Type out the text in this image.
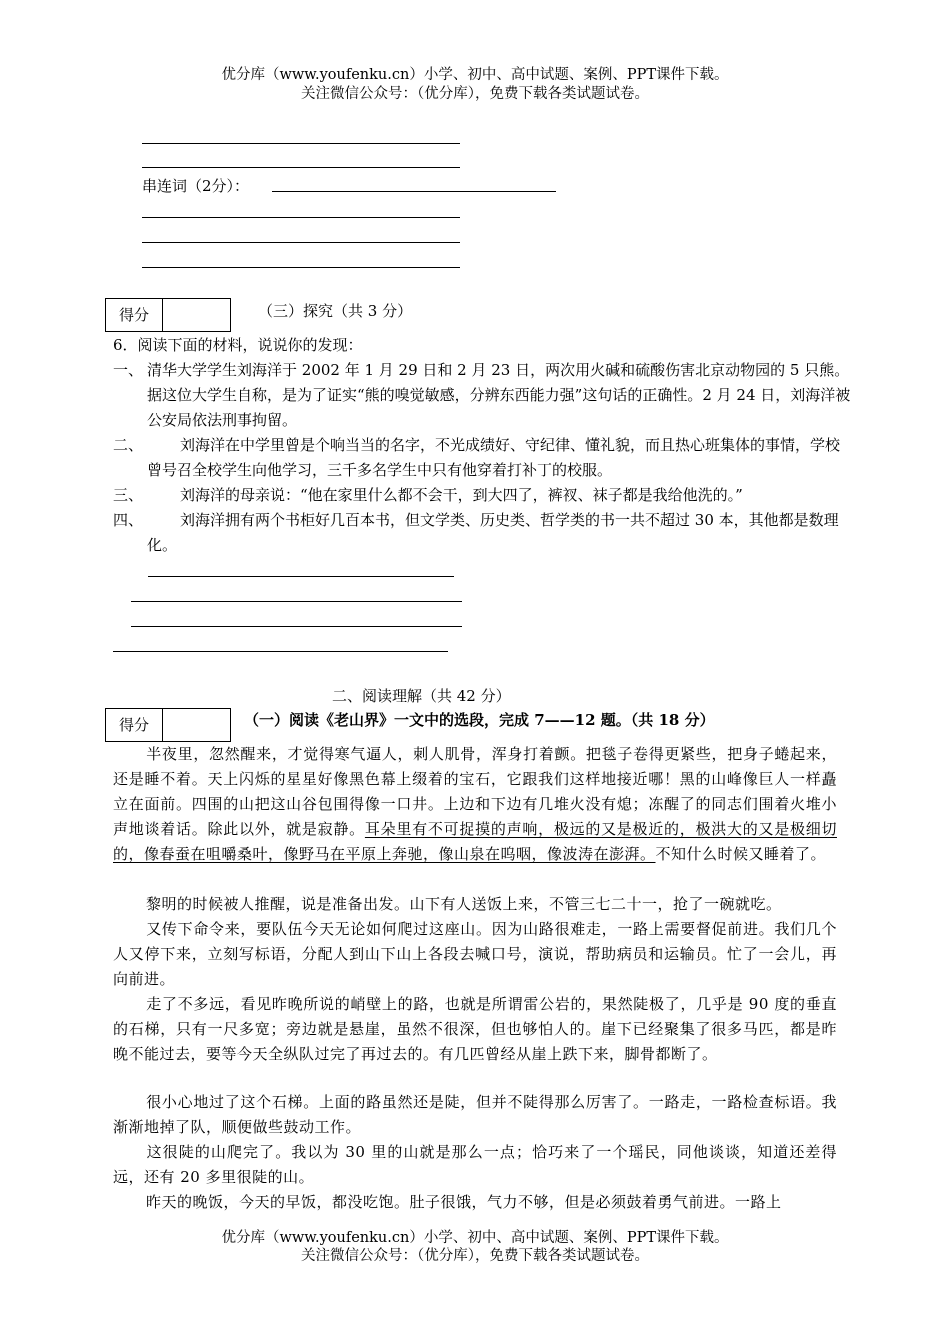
优分库（www.youfenku.cn）小学、初中、高中试题、案例、PPT课件下载。
关注微信公众号：（优分库），免费下载各类试题试卷。
串连词（2分）：
得分	（三）探究（共 3 分）
6．阅读下面的材料，说说你的发现：
一、 清华大学学生刘海洋于 2002 年 1 月 29 日和 2 月 23 日，两次用火碱和硫酸伤害北京动物园的 5 只熊。据这位大学生自称，是为了证实“熊的嗅觉敏感，分辨东西能力强”这句话的正确性。2 月 24 日，刘海洋被公安局依法刑事拘留。
二、	刘海洋在中学里曾是个响当当的名字，不光成绩好、守纪律、懂礼貌，而且热心班集体的事情，学校曾号召全校学生向他学习，三千多名学生中只有他穿着打补丁的校服。
三、	刘海洋的母亲说：“他在家里什么都不会干，到大四了，裤衩、袜子都是我给他洗的。”
四、	刘海洋拥有两个书柜好几百本书，但文学类、历史类、哲学类的书一共不超过 30 本，其他都是数理化。
二、阅读理解（共 42 分）
得分	（一）阅读《老山界》一文中的选段，完成 7——12 题。（共 18 分）
半夜里，忽然醒来，才觉得寒气逼人，刺人肌骨，浑身打着颤。把毯子卷得更紧些，把身子蜷起来，还是睡不着。天上闪烁的星星好像黑色幕上缀着的宝石，它跟我们这样地接近哪！黑的山峰像巨人一样矗立在面前。四围的山把这山谷包围得像一口井。上边和下边有几堆火没有熄；冻醒了的同志们围着火堆小声地谈着话。除此以外，就是寂静。耳朵里有不可捉摸的声响，极远的又是极近的，极洪大的又是极细切的，像春蚕在咀嚼桑叶，像野马在平原上奔驰，像山泉在呜咽，像波涛在澎湃。不知什么时候又睡着了。
黎明的时候被人推醒，说是准备出发。山下有人送饭上来，不管三七二十一，抢了一碗就吃。
又传下命令来，要队伍今天无论如何爬过这座山。因为山路很难走，一路上需要督促前进。我们几个人又停下来，立刻写标语，分配人到山下山上各段去喊口号，演说，帮助病员和运输员。忙了一会儿，再向前进。
走了不多远，看见昨晚所说的峭壁上的路，也就是所谓雷公岩的，果然陡极了，几乎是 90 度的垂直的石梯，只有一尺多宽；旁边就是悬崖，虽然不很深，但也够怕人的。崖下已经聚集了很多马匹，都是昨晚不能过去，要等今天全纵队过完了再过去的。有几匹曾经从崖上跌下来，脚骨都断了。
很小心地过了这个石梯。上面的路虽然还是陡，但并不陡得那么厉害了。一路走，一路检查标语。我渐渐地掉了队，顺便做些鼓动工作。
这很陡的山爬完了。我以为 30 里的山就是那么一点；恰巧来了一个瑶民，同他谈谈，知道还差得远，还有 20 多里很陡的山。
昨天的晚饭，今天的早饭，都没吃饱。肚子很饿，气力不够，但是必须鼓着勇气前进。一路上
优分库（www.youfenku.cn）小学、初中、高中试题、案例、PPT课件下载。
关注微信公众号：（优分库），免费下载各类试题试卷。
